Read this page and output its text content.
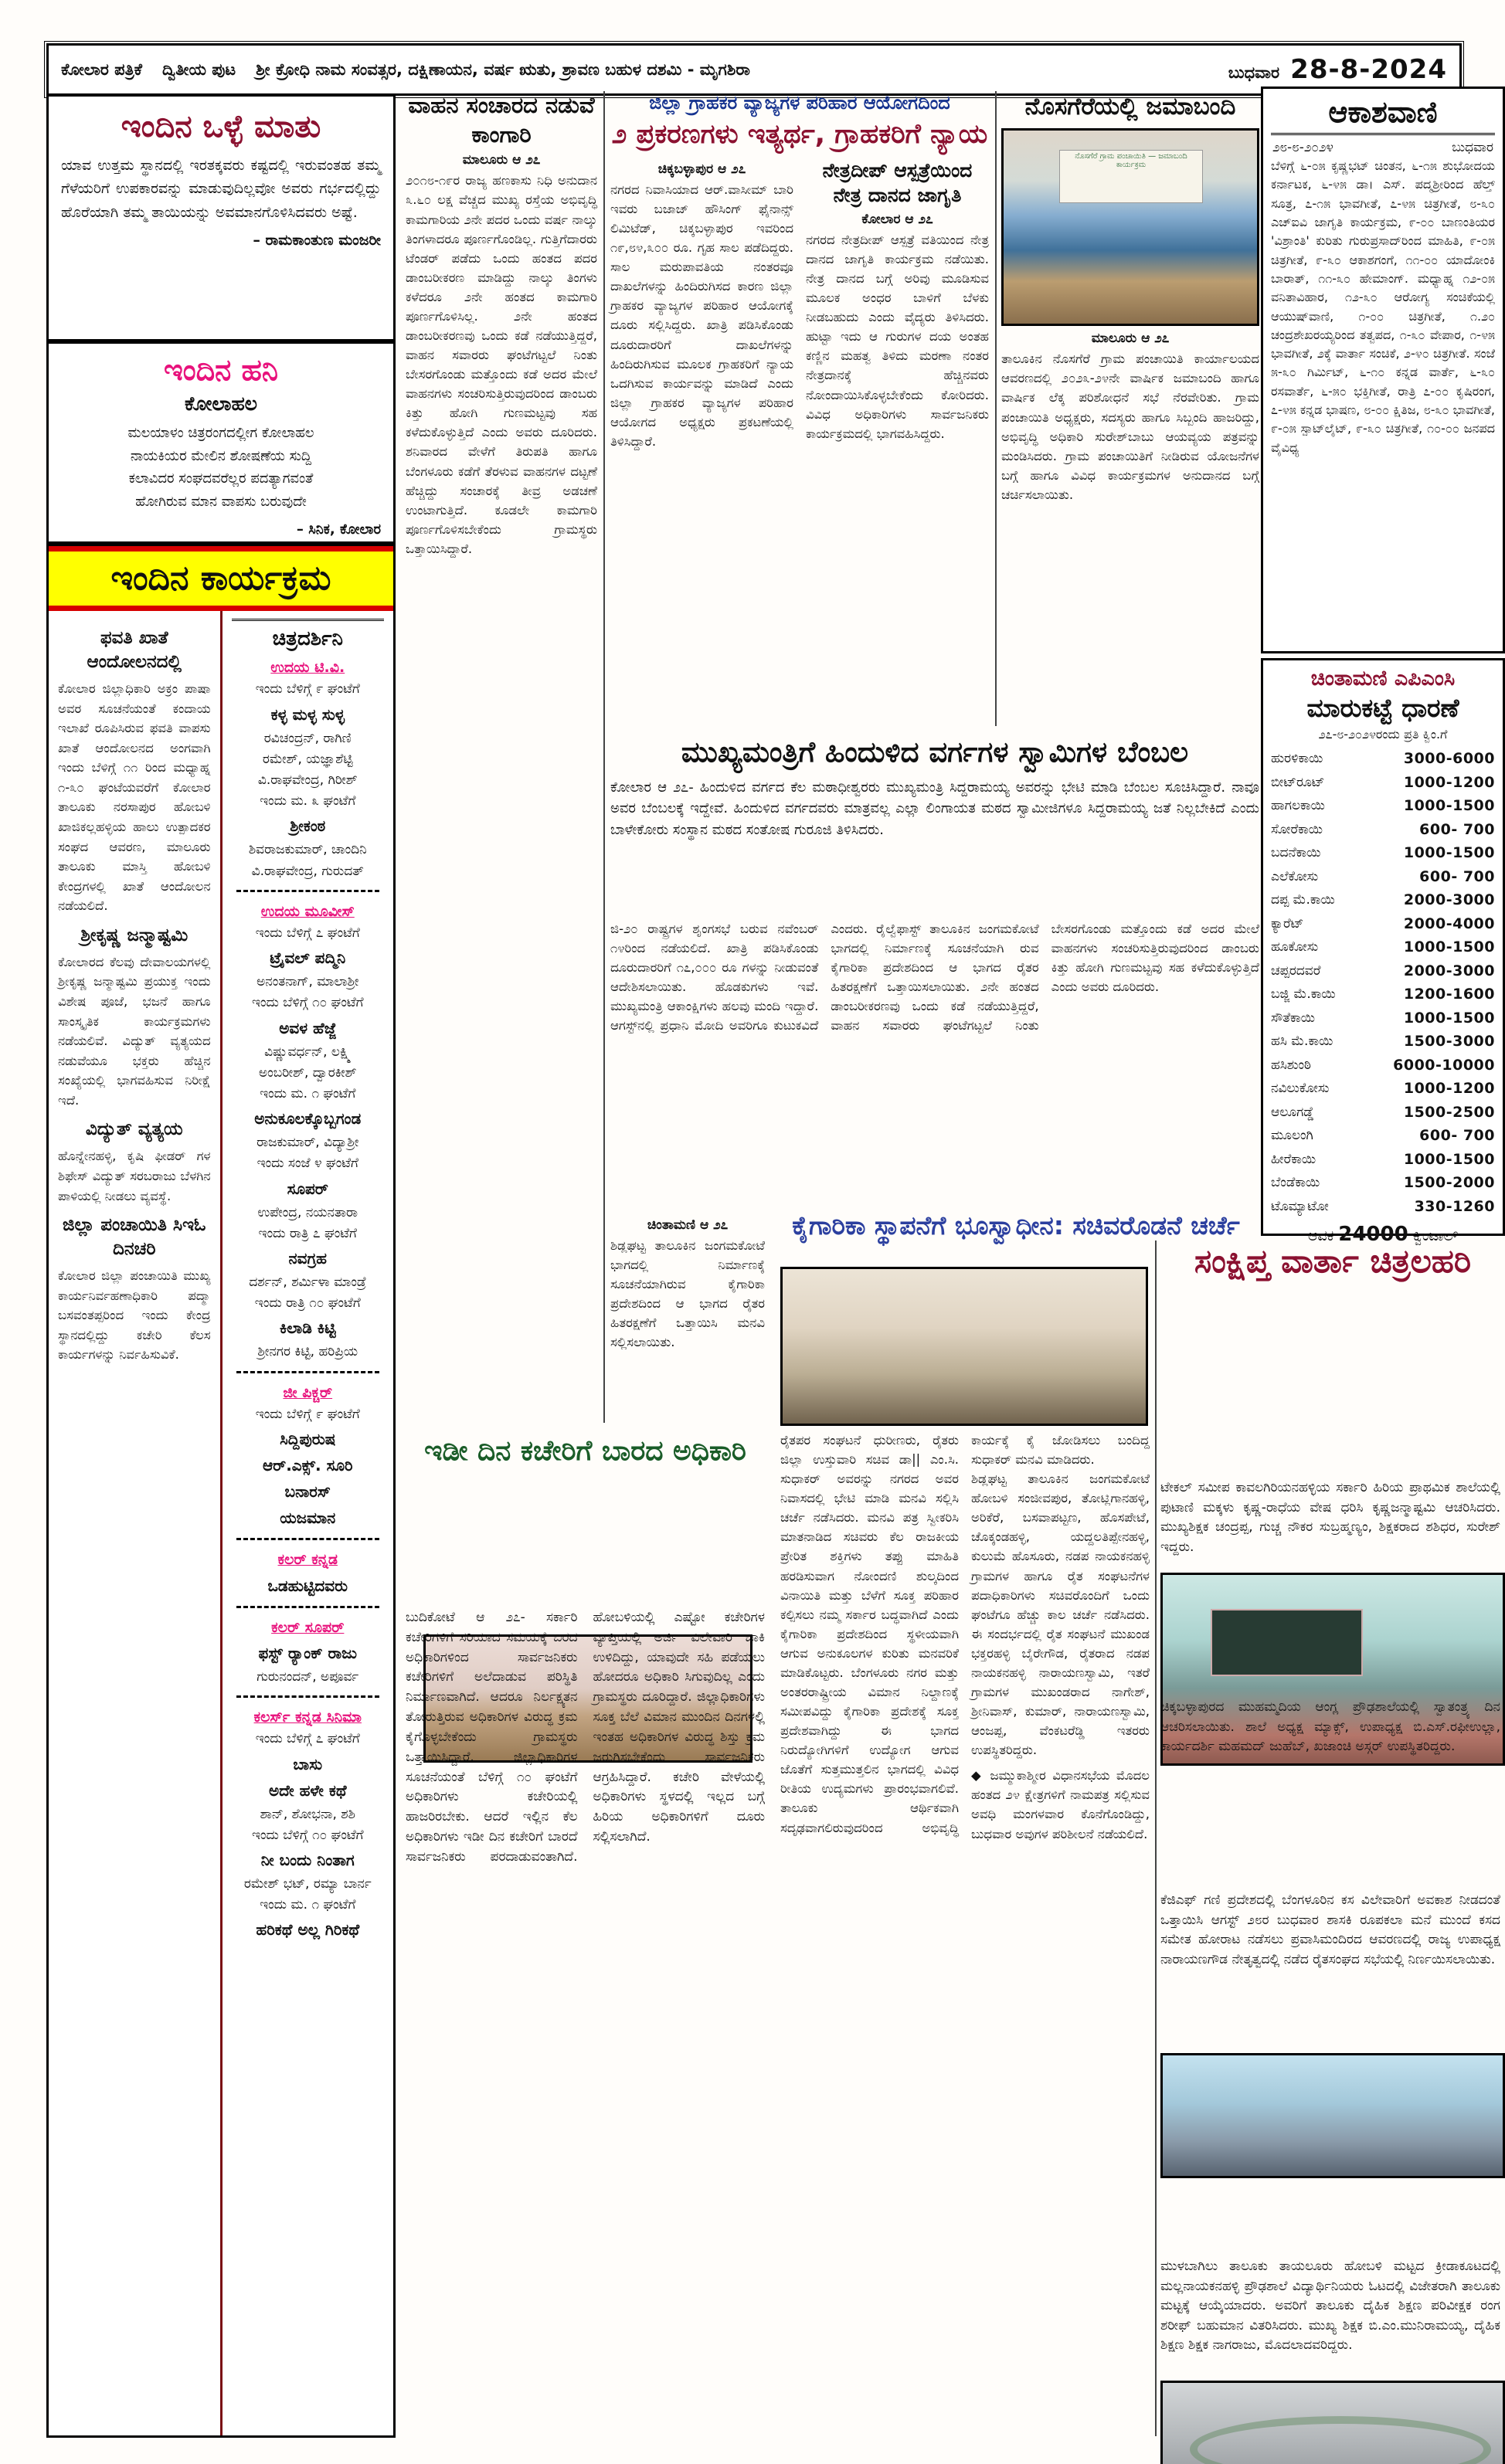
ಕೋಲಾರ ಪತ್ರಿಕೆ ದ್ವಿತೀಯ ಪುಟ ಶ್ರೀ ಕ್ರೋಧಿ ನಾಮ ಸಂವತ್ಸರ, ದಕ್ಷಿಣಾಯನ, ವರ್ಷ ಋತು, ಶ್ರಾವಣ ಬಹುಳ ದಶಮಿ - ಮೃಗಶಿರಾ	ಬುಧವಾರ 28-8-2024
ಇಂದಿನ ಒಳ್ಳೆ ಮಾತು
ಯಾವ ಉತ್ತಮ ಸ್ಥಾನದಲ್ಲಿ ಇರತಕ್ಕವರು ಕಷ್ಟದಲ್ಲಿ ಇರುವಂತಹ ತಮ್ಮ ಗೆಳೆಯರಿಗೆ ಉಪಕಾರವನ್ನು ಮಾಡುವುದಿಲ್ಲವೋ ಅವರು ಗರ್ಭದಲ್ಲಿದ್ದು ಹೊರೆಯಾಗಿ ತಮ್ಮ ತಾಯಿಯನ್ನು ಅವಮಾನಗೊಳಿಸಿದವರು ಅಷ್ಟೆ.
– ರಾಮಕಾಂತುಣ ಮಂಜರೀ
ಇಂದಿನ ಹನಿ
ಕೋಲಾಹಲ
ಮಲಯಾಳಂ ಚಿತ್ರರಂಗದಲ್ಲೀಗ ಕೋಲಾಹಲ
ನಾಯಕಿಯರ ಮೇಲಿನ ಶೋಷಣೆಯ ಸುದ್ದಿ
ಕಲಾವಿದರ ಸಂಘದವರೆಲ್ಲರ ಪದತ್ಯಾಗವಂತೆ
ಹೋಗಿರುವ ಮಾನ ವಾಪಸು ಬರುವುದೇ
– ಸಿನಿಕ, ಕೋಲಾರ
ಇಂದಿನ ಕಾರ್ಯಕ್ರಮ
ಫವತಿ ಖಾತೆ ಆಂದೋಲನದಲ್ಲಿ
ಕೋಲಾರ ಜಿಲ್ಲಾಧಿಕಾರಿ ಅಕ್ರಂ ಪಾಷಾ ಅವರ ಸೂಚನೆಯಂತೆ ಕಂದಾಯ ಇಲಾಖೆ ರೂಪಿಸಿರುವ ಫವತಿ ವಾಪಸು ಖಾತೆ ಆಂದೋಲನದ ಅಂಗವಾಗಿ ಇಂದು ಬೆಳಿಗ್ಗೆ ೧೧ ರಿಂದ ಮಧ್ಯಾಹ್ನ ೧-೩೦ ಘಂಟೆಯವರೆಗೆ ಕೋಲಾರ ತಾಲೂಕು ನರಸಾಪುರ ಹೋಬಳಿ ಖಾಜಿಕಲ್ಲಹಳ್ಳಿಯ ಹಾಲು ಉತ್ಪಾದಕರ ಸಂಘದ ಆವರಣ, ಮಾಲೂರು ತಾಲೂಕು ಮಾಸ್ತಿ ಹೋಬಳಿ ಕೇಂದ್ರಗಳಲ್ಲಿ ಖಾತೆ ಆಂದೋಲನ ನಡೆಯಲಿದೆ.
ಶ್ರೀಕೃಷ್ಣ ಜನ್ಮಾಷ್ಟಮಿ
ಕೋಲಾರದ ಕೆಲವು ದೇವಾಲಯಗಳಲ್ಲಿ ಶ್ರೀಕೃಷ್ಣ ಜನ್ಮಾಷ್ಟಮಿ ಪ್ರಯುಕ್ತ ಇಂದು ವಿಶೇಷ ಪೂಜೆ, ಭಜನೆ ಹಾಗೂ ಸಾಂಸ್ಕೃತಿಕ ಕಾರ್ಯಕ್ರಮಗಳು ನಡೆಯಲಿವೆ. ವಿದ್ಯುತ್ ವ್ಯತ್ಯಯದ ನಡುವೆಯೂ ಭಕ್ತರು ಹೆಚ್ಚಿನ ಸಂಖ್ಯೆಯಲ್ಲಿ ಭಾಗವಹಿಸುವ ನಿರೀಕ್ಷೆ ಇದೆ.
ವಿದ್ಯುತ್ ವ್ಯತ್ಯಯ
ಹೊನ್ನೇನಹಳ್ಳಿ, ಕೃಷಿ ಫೀಡರ್ ಗಳ ಶಿಫೇಸ್ ವಿದ್ಯುತ್ ಸರಬರಾಜು ಬೆಳಗಿನ ಪಾಳಿಯಲ್ಲಿ ನೀಡಲು ವ್ಯವಸ್ಥೆ.
ಜಿಲ್ಲಾ ಪಂಚಾಯಿತಿ ಸಿಇಓ ದಿನಚರಿ
ಕೋಲಾರ ಜಿಲ್ಲಾ ಪಂಚಾಯಿತಿ ಮುಖ್ಯ ಕಾರ್ಯನಿರ್ವಹಣಾಧಿಕಾರಿ ಪದ್ಮಾ ಬಸವಂತಪ್ಪರಿಂದ ಇಂದು ಕೇಂದ್ರ ಸ್ಥಾನದಲ್ಲಿದ್ದು ಕಚೇರಿ ಕೆಲಸ ಕಾರ್ಯಗಳನ್ನು ನಿರ್ವಹಿಸುವಿಕೆ.
ಚಿತ್ರದರ್ಶಿನಿ
ಉದಯ ಟಿ.ವಿ.
ಇಂದು ಬೆಳಿಗ್ಗೆ ೯ ಘಂಟೆಗೆ
ಕಳ್ಳ ಮಳ್ಳ ಸುಳ್ಳ
ರವಿಚಂದ್ರನ್, ರಾಗಿಣಿ
ರಮೇಶ್, ಯಜ್ಞಾಶೆಟ್ಟಿ
ವಿ.ರಾಘವೇಂದ್ರ, ಗಿರೀಶ್
ಇಂದು ಮ. ೩ ಘಂಟೆಗೆ
ಶ್ರೀಕಂಠ
ಶಿವರಾಜಕುಮಾರ್, ಚಾಂದಿನಿ
ವಿ.ರಾಘವೇಂದ್ರ, ಗುರುದತ್
ಉದಯ ಮೂವೀಸ್
ಇಂದು ಬೆಳಿಗ್ಗೆ ೭ ಘಂಟೆಗೆ
ಟ್ರೈವಲ್ ಪದ್ಮಿನಿ
ಅನಂತನಾಗ್, ಮಾಲಾಶ್ರೀ
ಇಂದು ಬೆಳಿಗ್ಗೆ ೧೦ ಘಂಟೆಗೆ
ಅವಳ ಹೆಜ್ಜೆ
ವಿಷ್ಣುವರ್ಧನ್, ಲಕ್ಷ್ಮಿ
ಅಂಬರೀಶ್, ದ್ವಾರಕೀಶ್
ಇಂದು ಮ. ೧ ಘಂಟೆಗೆ
ಅನುಕೂಲಕ್ಕೊಬ್ಬಗಂಡ
ರಾಜಕುಮಾರ್, ವಿದ್ಯಾಶ್ರೀ
ಇಂದು ಸಂಜೆ ೪ ಘಂಟೆಗೆ
ಸೂಪರ್
ಉಪೇಂದ್ರ, ನಯನತಾರಾ
ಇಂದು ರಾತ್ರಿ ೭ ಘಂಟೆಗೆ
ನವಗ್ರಹ
ದರ್ಶನ್, ಶರ್ಮಿಳಾ ಮಾಂಡ್ರೆ
ಇಂದು ರಾತ್ರಿ ೧೦ ಘಂಟೆಗೆ
ಕಿಲಾಡಿ ಕಿಟ್ಟಿ
ಶ್ರೀನಗರ ಕಿಟ್ಟಿ, ಹರಿಪ್ರಿಯ
ಜೀ ಪಿಕ್ಚರ್
ಇಂದು ಬೆಳಿಗ್ಗೆ ೯ ಘಂಟೆಗೆ
ಸಿದ್ದಿಪುರುಷ
ಆರ್.ಎಕ್ಸ್. ಸೂರಿ
ಬನಾರಸ್
ಯಜಮಾನ
ಕಲರ್ ಕನ್ನಡ
ಒಡಹುಟ್ಟಿದವರು
ಕಲರ್ ಸೂಪರ್
ಫಸ್ಟ್ ರ‍್ಯಾಂಕ್ ರಾಜು
ಗುರುನಂದನ್, ಅಪೂರ್ವ
ಕಲರ್ಸ್ ಕನ್ನಡ ಸಿನಿಮಾ
ಇಂದು ಬೆಳಿಗ್ಗೆ ೭ ಘಂಟೆಗೆ
ಬಾಸು
ಅದೇ ಹಳೇ ಕಥೆ
ಶಾನ್, ಶೋಭನಾ, ಶಶಿ
ಇಂದು ಬೆಳಿಗ್ಗೆ ೧೦ ಘಂಟೆಗೆ
ನೀ ಬಂದು ನಿಂತಾಗ
ರಮೇಶ್ ಭಟ್, ರಮ್ಯಾ ಬಾರ್ನ
ಇಂದು ಮ. ೧ ಘಂಟೆಗೆ
ಹರಿಕಥೆ ಅಲ್ಲ ಗಿರಿಕಥೆ
ವಾಹನ ಸಂಚಾರದ ನಡುವೆ ಕಾಂಗಾರಿ
ಮಾಲೂರು ಆ ೨೭
೨೦೧೮-೧೯ರ ರಾಜ್ಯ ಹಣಕಾಸು ನಿಧಿ ಅನುದಾನ ೩.೬೦ ಲಕ್ಷ ವೆಚ್ಚದ ಮುಖ್ಯ ರಸ್ತೆಯ ಅಭಿವೃದ್ಧಿ ಕಾಮಗಾರಿಯ ೨ನೇ ಪದರ ಒಂದು ವರ್ಷ ನಾಲ್ಕು ತಿಂಗಳಾದರೂ ಪೂರ್ಣಗೊಂಡಿಲ್ಲ. ಗುತ್ತಿಗೆದಾರರು ಟೆಂಡರ್ ಪಡೆದು ಒಂದು ಹಂತದ ಪದರ ಡಾಂಬರೀಕರಣ ಮಾಡಿದ್ದು ನಾಲ್ಕು ತಿಂಗಳು ಕಳೆದರೂ ೨ನೇ ಹಂತದ ಕಾಮಗಾರಿ ಪೂರ್ಣಗೊಳಿಸಿಲ್ಲ. ೨ನೇ ಹಂತದ ಡಾಂಬರೀಕರಣವು ಒಂದು ಕಡೆ ನಡೆಯುತ್ತಿದ್ದರೆ, ವಾಹನ ಸವಾರರು ಘಂಟೆಗಟ್ಟಲೆ ನಿಂತು ಬೇಸರಗೊಂಡು ಮತ್ತೊಂದು ಕಡೆ ಅದರ ಮೇಲೆ ವಾಹನಗಳು ಸಂಚರಿಸುತ್ತಿರುವುದರಿಂದ ಡಾಂಬರು ಕಿತ್ತು ಹೋಗಿ ಗುಣಮಟ್ಟವು ಸಹ ಕಳೆದುಕೊಳ್ಳುತ್ತಿದೆ ಎಂದು ಅವರು ದೂರಿದರು. ಶನಿವಾರದ ವೇಳೆಗೆ ತಿರುಪತಿ ಹಾಗೂ ಬೆಂಗಳೂರು ಕಡೆಗೆ ತೆರಳುವ ವಾಹನಗಳ ದಟ್ಟಣೆ ಹೆಚ್ಚಿದ್ದು ಸಂಚಾರಕ್ಕೆ ತೀವ್ರ ಅಡಚಣೆ ಉಂಟಾಗುತ್ತಿದೆ. ಕೂಡಲೇ ಕಾಮಗಾರಿ ಪೂರ್ಣಗೊಳಿಸಬೇಕೆಂದು ಗ್ರಾಮಸ್ಥರು ಒತ್ತಾಯಿಸಿದ್ದಾರೆ.
ಜಿಲ್ಲಾ ಗ್ರಾಹಕರ ವ್ಯಾಜ್ಯಗಳ ಪರಿಹಾರ ಆಯೋಗದಿಂದ
೨ ಪ್ರಕರಣಗಳು ಇತ್ಯರ್ಥ, ಗ್ರಾಹಕರಿಗೆ ನ್ಯಾಯ
ಚಿಕ್ಕಬಳ್ಳಾಪುರ ಆ ೨೭
ನಗರದ ನಿವಾಸಿಯಾದ ಆರ್.ವಾಸೀಮ್ ಬಾರಿ ಇವರು ಬಜಾಜ್ ಹೌಸಿಂಗ್ ಫೈನಾನ್ಸ್ ಲಿಮಿಟೆಡ್, ಚಿಕ್ಕಬಳ್ಳಾಪುರ ಇವರಿಂದ ೧೯,೮೪,೩೦೦ ರೂ. ಗೃಹ ಸಾಲ ಪಡೆದಿದ್ದರು. ಸಾಲ ಮರುಪಾವತಿಯ ನಂತರವೂ ದಾಖಲೆಗಳನ್ನು ಹಿಂದಿರುಗಿಸದ ಕಾರಣ ಜಿಲ್ಲಾ ಗ್ರಾಹಕರ ವ್ಯಾಜ್ಯಗಳ ಪರಿಹಾರ ಆಯೋಗಕ್ಕೆ ದೂರು ಸಲ್ಲಿಸಿದ್ದರು. ಖಾತ್ರಿ ಪಡಿಸಿಕೊಂಡು ದೂರುದಾರರಿಗೆ ದಾಖಲೆಗಳನ್ನು ಹಿಂದಿರುಗಿಸುವ ಮೂಲಕ ಗ್ರಾಹಕರಿಗೆ ನ್ಯಾಯ ಒದಗಿಸುವ ಕಾರ್ಯವನ್ನು ಮಾಡಿದೆ ಎಂದು ಜಿಲ್ಲಾ ಗ್ರಾಹಕರ ವ್ಯಾಜ್ಯಗಳ ಪರಿಹಾರ ಆಯೋಗದ ಅಧ್ಯಕ್ಷರು ಪ್ರಕಟಣೆಯಲ್ಲಿ ತಿಳಿಸಿದ್ದಾರೆ.
ನೇತ್ರದೀಪ್ ಆಸ್ಪತ್ರೆಯಿಂದ ನೇತ್ರ ದಾನದ ಜಾಗೃತಿ
ಕೋಲಾರ ಆ ೨೭
ನಗರದ ನೇತ್ರದೀಪ್ ಆಸ್ಪತ್ರೆ ವತಿಯಿಂದ ನೇತ್ರ ದಾನದ ಜಾಗೃತಿ ಕಾರ್ಯಕ್ರಮ ನಡೆಯಿತು. ನೇತ್ರ ದಾನದ ಬಗ್ಗೆ ಅರಿವು ಮೂಡಿಸುವ ಮೂಲಕ ಅಂಧರ ಬಾಳಿಗೆ ಬೆಳಕು ನೀಡಬಹುದು ಎಂದು ವೈದ್ಯರು ತಿಳಿಸಿದರು. ಹುಟ್ಟಾ ಇದು ಆ ಗುರುಗಳ ದಯ ಅಂತಹ ಕಣ್ಣಿನ ಮಹತ್ವ ತಿಳಿದು ಮರಣಾ ನಂತರ ನೇತ್ರದಾನಕ್ಕೆ ಹೆಚ್ಚಿನವರು ನೋಂದಾಯಿಸಿಕೊಳ್ಳಬೇಕೆಂದು ಕೋರಿದರು. ವಿವಿಧ ಅಧಿಕಾರಿಗಳು ಸಾರ್ವಜನಿಕರು ಕಾರ್ಯಕ್ರಮದಲ್ಲಿ ಭಾಗವಹಿಸಿದ್ದರು.
ನೊಸಗೆರೆಯಲ್ಲಿ ಜಮಾಬಂದಿ
ನೊಸಗೆರೆ ಗ್ರಾಮ ಪಂಚಾಯಿತಿ — ಜಮಾಬಂದಿ ಕಾರ್ಯಕ್ರಮ
ಮಾಲೂರು ಆ ೨೭
ತಾಲೂಕಿನ ನೊಸಗೆರೆ ಗ್ರಾಮ ಪಂಚಾಯಿತಿ ಕಾರ್ಯಾಲಯದ ಆವರಣದಲ್ಲಿ ೨೦೨೩-೨೪ನೇ ವಾರ್ಷಿಕ ಜಮಾಬಂದಿ ಹಾಗೂ ವಾರ್ಷಿಕ ಲೆಕ್ಕ ಪರಿಶೋಧನೆ ಸಭೆ ನೆರವೇರಿತು. ಗ್ರಾಮ ಪಂಚಾಯಿತಿ ಅಧ್ಯಕ್ಷರು, ಸದಸ್ಯರು ಹಾಗೂ ಸಿಬ್ಬಂದಿ ಹಾಜರಿದ್ದು, ಅಭಿವೃದ್ಧಿ ಅಧಿಕಾರಿ ಸುರೇಶ್‌ಬಾಬು ಆಯವ್ಯಯ ಪತ್ರವನ್ನು ಮಂಡಿಸಿದರು. ಗ್ರಾಮ ಪಂಚಾಯಿತಿಗೆ ನೀಡಿರುವ ಯೋಜನೆಗಳ ಬಗ್ಗೆ ಹಾಗೂ ವಿವಿಧ ಕಾರ್ಯಕ್ರಮಗಳ ಅನುದಾನದ ಬಗ್ಗೆ ಚರ್ಚಿಸಲಾಯಿತು.
ಮುಖ್ಯಮಂತ್ರಿಗೆ ಹಿಂದುಳಿದ ವರ್ಗಗಳ ಸ್ವಾಮಿಗಳ ಬೆಂಬಲ
ಕೋಲಾರ ಆ ೨೭- ಹಿಂದುಳಿದ ವರ್ಗದ ಕೆಲ ಮಠಾಧೀಶ್ವರರು ಮುಖ್ಯಮಂತ್ರಿ ಸಿದ್ದರಾಮಯ್ಯ ಅವರನ್ನು ಭೇಟಿ ಮಾಡಿ ಬೆಂಬಲ ಸೂಚಿಸಿದ್ದಾರೆ. ನಾವೂ ಅವರ ಬೆಂಬಲಕ್ಕೆ ಇದ್ದೇವೆ. ಹಿಂದುಳಿದ ವರ್ಗದವರು ಮಾತ್ರವಲ್ಲ ಎಲ್ಲಾ ಲಿಂಗಾಯತ ಮಠದ ಸ್ವಾಮೀಜಿಗಳೂ ಸಿದ್ದರಾಮಯ್ಯ ಜತೆ ನಿಲ್ಲಬೇಕಿದೆ ಎಂದು ಬಾಳೇಕೋರು ಸಂಸ್ಥಾನ ಮಠದ ಸಂತೋಷ ಗುರೂಜಿ ತಿಳಿಸಿದರು.
ಜಿ-೨೦ ರಾಷ್ಟ್ರಗಳ ಶೃಂಗಸಭೆ ಬರುವ ನವೆಂಬರ್ ೧೪ರಿಂದ ನಡೆಯಲಿದೆ. ಖಾತ್ರಿ ಪಡಿಸಿಕೊಂಡು ದೂರುದಾರರಿಗೆ ೧೭,೦೦೦ ರೂ ಗಳನ್ನು ನೀಡುವಂತೆ ಆದೇಶಿಸಲಾಯಿತು. ಹೊಡಕುಗಳು ಇವೆ. ಮುಖ್ಯಮಂತ್ರಿ ಆಕಾಂಕ್ಷಿಗಳು ಹಲವು ಮಂದಿ ಇದ್ದಾರೆ. ಆಗಸ್ಟ್‌ನಲ್ಲಿ ಪ್ರಧಾನಿ ಮೋದಿ ಅವರಿಗೂ ಕುಟುಕವಿದೆ ಎಂದರು. ರೈಲ್ವೆಫಾಸ್ಟ್ ತಾಲೂಕಿನ ಜಂಗಮಕೋಟೆ ಭಾಗದಲ್ಲಿ ನಿರ್ಮಾಣಕ್ಕೆ ಸೂಚನೆಯಾಗಿ ರುವ ಕೈಗಾರಿಕಾ ಪ್ರದೇಶದಿಂದ ಆ ಭಾಗದ ರೈತರ ಹಿತರಕ್ಷಣೆಗೆ ಒತ್ತಾಯಿಸಲಾಯಿತು. ೨ನೇ ಹಂತದ ಡಾಂಬರೀಕರಣವು ಒಂದು ಕಡೆ ನಡೆಯುತ್ತಿದ್ದರೆ, ವಾಹನ ಸವಾರರು ಘಂಟೆಗಟ್ಟಲೆ ನಿಂತು ಬೇಸರಗೊಂಡು ಮತ್ತೊಂದು ಕಡೆ ಅದರ ಮೇಲೆ ವಾಹನಗಳು ಸಂಚರಿಸುತ್ತಿರುವುದರಿಂದ ಡಾಂಬರು ಕಿತ್ತು ಹೋಗಿ ಗುಣಮಟ್ಟವು ಸಹ ಕಳೆದುಕೊಳ್ಳುತ್ತಿದೆ ಎಂದು ಅವರು ದೂರಿದರು.
ಕೈಗಾರಿಕಾ ಸ್ಥಾಪನೆಗೆ ಭೂಸ್ವಾಧೀನ: ಸಚಿವರೊಡನೆ ಚರ್ಚೆ
ಚಿಂತಾಮಣಿ ಆ ೨೭
ಶಿಡ್ಲಘಟ್ಟ ತಾಲೂಕಿನ ಜಂಗಮಕೋಟೆ ಭಾಗದಲ್ಲಿ ನಿರ್ಮಾಣಕ್ಕೆ ಸೂಚನೆಯಾಗಿರುವ ಕೈಗಾರಿಕಾ ಪ್ರದೇಶದಿಂದ ಆ ಭಾಗದ ರೈತರ ಹಿತರಕ್ಷಣೆಗೆ ಒತ್ತಾಯಿಸಿ ಮನವಿ ಸಲ್ಲಿಸಲಾಯಿತು.
ರೈತಪರ ಸಂಘಟನೆ ಧುರೀಣರು, ರೈತರು ಜಿಲ್ಲಾ ಉಸ್ತುವಾರಿ ಸಚಿವ ಡಾ|| ಎಂ.ಸಿ. ಸುಧಾಕರ್ ಅವರನ್ನು ನಗರದ ಅವರ ನಿವಾಸದಲ್ಲಿ ಭೇಟಿ ಮಾಡಿ ಮನವಿ ಸಲ್ಲಿಸಿ ಚರ್ಚೆ ನಡೆಸಿದರು. ಮನವಿ ಪತ್ರ ಸ್ವೀಕರಿಸಿ ಮಾತನಾಡಿದ ಸಚಿವರು ಕೆಲ ರಾಜಕೀಯ ಪ್ರೇರಿತ ಶಕ್ತಿಗಳು ತಪ್ಪು ಮಾಹಿತಿ ಹರಡಿಸುವಾಗ ನೋಂದಣಿ ಶುಲ್ಕದಿಂದ ವಿನಾಯಿತಿ ಮತ್ತು ಬೆಳೆಗೆ ಸೂಕ್ತ ಪರಿಹಾರ ಕಲ್ಪಿಸಲು ನಮ್ಮ ಸರ್ಕಾರ ಬದ್ಧವಾಗಿದೆ ಎಂದು ಕೈಗಾರಿಕಾ ಪ್ರದೇಶದಿಂದ ಸ್ಥಳೀಯವಾಗಿ ಆಗುವ ಅನುಕೂಲಗಳ ಕುರಿತು ಮನವರಿಕೆ ಮಾಡಿಕೊಟ್ಟರು. ಬೆಂಗಳೂರು ನಗರ ಮತ್ತು ಅಂತರರಾಷ್ಟ್ರೀಯ ವಿಮಾನ ನಿಲ್ದಾಣಕ್ಕೆ ಸಮೀಪವಿದ್ದು ಕೈಗಾರಿಕಾ ಪ್ರದೇಶಕ್ಕೆ ಸೂಕ್ತ ಪ್ರದೇಶವಾಗಿದ್ದು ಈ ಭಾಗದ ನಿರುದ್ಯೋಗಿಗಳಿಗೆ ಉದ್ಯೋಗ ಆಗುವ ಜೊತೆಗೆ ಸುತ್ತಮುತ್ತಲಿನ ಭಾಗದಲ್ಲಿ ವಿವಿಧ ರೀತಿಯ ಉದ್ಯಮಗಳು ಪ್ರಾರಂಭವಾಗಲಿವೆ. ತಾಲೂಕು ಆರ್ಥಿಕವಾಗಿ ಸದೃಢವಾಗಲಿರುವುದರಿಂದ ಅಭಿವೃದ್ಧಿ ಕಾರ್ಯಕ್ಕೆ ಕೈ ಜೋಡಿಸಲು ಬಂದಿದ್ದ ಸುಧಾಕರ್ ಮನವಿ ಮಾಡಿದರು.
ಶಿಡ್ಲಘಟ್ಟ ತಾಲೂಕಿನ ಜಂಗಮಕೋಟೆ ಹೋಬಳಿ ಸಂಜೀವಪುರ, ತೋಟ್ಲಿಗಾನಹಳ್ಳಿ, ಅರಿಕೆರೆ, ಬಸವಾಪಟ್ಟಣ, ಹೊಸಪೇಟೆ, ಚೊಕ್ಕಂಡಹಳ್ಳಿ, ಯದ್ದಲತಿಪ್ಪೇನಹಳ್ಳಿ, ಕುಲುಮೆ ಹೊಸೂರು, ನಡಪ ನಾಯಕನಹಳ್ಳಿ ಗ್ರಾಮಗಳ ಹಾಗೂ ರೈತ ಸಂಘಟನೆಗಳ ಪದಾಧಿಕಾರಿಗಳು ಸಚಿವರೊಂದಿಗೆ ಒಂದು ಘಂಟೆಗೂ ಹೆಚ್ಚು ಕಾಲ ಚರ್ಚೆ ನಡೆಸಿದರು. ಈ ಸಂದರ್ಭದಲ್ಲಿ ರೈತ ಸಂಘಟನೆ ಮುಖಂಡ ಭಕ್ತರಹಳ್ಳಿ ಬೈರೇಗೌಡ, ರೈತರಾದ ನಡಪ ನಾಯಕನಹಳ್ಳಿ ನಾರಾಯಣಸ್ವಾಮಿ, ಇತರೆ ಗ್ರಾಮಗಳ ಮುಖಂಡರಾದ ನಾಗೇಶ್, ಶ್ರೀನಿವಾಸ್, ಕುಮಾರ್, ನಾರಾಯಣಸ್ವಾಮಿ, ಆಂಜಪ್ಪ, ವೆಂಕಟರೆಡ್ಡಿ ಇತರರು ಉಪಸ್ಥಿತರಿದ್ದರು.
◆ ಜಮ್ಮುಕಾಶ್ಮೀರ ವಿಧಾನಸಭೆಯ ಮೊದಲ ಹಂತದ ೨೪ ಕ್ಷೇತ್ರಗಳಿಗೆ ನಾಮಪತ್ರ ಸಲ್ಲಿಸುವ ಅವಧಿ ಮಂಗಳವಾರ ಕೊನೆಗೊಂಡಿದ್ದು, ಬುಧವಾರ ಅವುಗಳ ಪರಿಶೀಲನೆ ನಡೆಯಲಿದೆ.
ಇಡೀ ದಿನ ಕಚೇರಿಗೆ ಬಾರದ ಅಧಿಕಾರಿ
ಬುದಿಕೋಟೆ ಆ ೨೭- ಸರ್ಕಾರಿ ಕಚೇರಿಗಳಿಗೆ ಸರಿಯಾದ ಸಮಯಕ್ಕೆ ಬರದ ಅಧಿಕಾರಿಗಳಿಂದ ಸಾರ್ವಜನಿಕರು ಕಚೇರಿಗಳಿಗೆ ಅಲೆದಾಡುವ ಪರಿಸ್ಥಿತಿ ನಿರ್ಮಾಣವಾಗಿದೆ. ಆದರೂ ನಿರ್ಲಕ್ಷ್ಯತನ ತೋರುತ್ತಿರುವ ಅಧಿಕಾರಿಗಳ ವಿರುದ್ಧ ಕ್ರಮ ಕೈಗೊಳ್ಳಬೇಕೆಂದು ಗ್ರಾಮಸ್ಥರು ಒತ್ತಾಯಿಸಿದ್ದಾರೆ. ಜಿಲ್ಲಾಧಿಕಾರಿಗಳ ಸೂಚನೆಯಂತೆ ಬೆಳಿಗ್ಗೆ ೧೦ ಘಂಟೆಗೆ ಅಧಿಕಾರಿಗಳು ಕಚೇರಿಯಲ್ಲಿ ಹಾಜರಿರಬೇಕು. ಆದರೆ ಇಲ್ಲಿನ ಕೆಲ ಅಧಿಕಾರಿಗಳು ಇಡೀ ದಿನ ಕಚೇರಿಗೆ ಬಾರದೆ ಸಾರ್ವಜನಿಕರು ಪರದಾಡುವಂತಾಗಿದೆ. ಹೋಬಳಿಯಲ್ಲಿ ಎಷ್ಟೋ ಕಚೇರಿಗಳ ವ್ಯಾಪ್ತಿಯಲ್ಲಿ ಅರ್ಜಿ ವಿಲೇವಾರಿ ಬಾಕಿ ಉಳಿದಿದ್ದು, ಯಾವುದೇ ಸಹಿ ಪಡೆಯಲು ಹೋದರೂ ಅಧಿಕಾರಿ ಸಿಗುವುದಿಲ್ಲ ಎಂದು ಗ್ರಾಮಸ್ಥರು ದೂರಿದ್ದಾರೆ. ಜಿಲ್ಲಾಧಿಕಾರಿಗಳು ಸೂಕ್ತ ಬೆಲೆ ವಿಮಾನ ಮುಂದಿನ ದಿನಗಳಲ್ಲಿ ಇಂತಹ ಅಧಿಕಾರಿಗಳ ವಿರುದ್ಧ ಶಿಸ್ತು ಕ್ರಮ ಜರುಗಿಸಬೇಕೆಂದು ಸಾರ್ವಜನಿಕರು ಆಗ್ರಹಿಸಿದ್ದಾರೆ. ಕಚೇರಿ ವೇಳೆಯಲ್ಲಿ ಅಧಿಕಾರಿಗಳು ಸ್ಥಳದಲ್ಲಿ ಇಲ್ಲದ ಬಗ್ಗೆ ಹಿರಿಯ ಅಧಿಕಾರಿಗಳಿಗೆ ದೂರು ಸಲ್ಲಿಸಲಾಗಿದೆ.
ಆಕಾಶವಾಣಿ
೨೮-೮-೨೦೨೪	ಬುಧವಾರ
ಬೆಳಿಗ್ಗೆ ೬-೦೫ ಕೃಷ್ಣಭಟ್ ಚಿಂತನ, ೬-೧೫ ಶುಭೋದಯ ಕರ್ನಾಟಕ, ೬-೪೫ ಡಾ। ಎಸ್. ಪದ್ಮಶ್ರೀರಿಂದ ಹೆಲ್ತ್ ಸೂತ್ರ, ೭-೧೫ ಭಾವಗೀತೆ, ೭-೪೫ ಚಿತ್ರಗೀತೆ, ೮-೩೦ ಎಚ್‌ಐವಿ ಜಾಗೃತಿ ಕಾರ್ಯಕ್ರಮ, ೯-೦೦ ಬಾಣಂತಿಯರ 'ವಿಶ್ರಾಂತಿ' ಕುರಿತು ಗುರುಪ್ರಸಾದ್‌ರಿಂದ ಮಾಹಿತಿ, ೯-೦೫ ಚಿತ್ರಗೀತೆ, ೯-೩೦ ಆಕಾಶಗಂಗೆ, ೧೧-೦೦ ಯಾದೋಂಕಿ ಬಾರಾತ್, ೧೧-೩೦ ಹೇಮಾಂಗ್. ಮಧ್ಯಾಹ್ನ ೧೨-೦೫ ವನಿತಾವಿಹಾರ, ೧೨-೩೦ ಆರೋಗ್ಯ ಸಂಚಿಕೆಯಲ್ಲಿ ಆಯುಷ್‌ವಾಣಿ, ೧-೦೦ ಚಿತ್ರಗೀತೆ, ೧.೨೦ ಚಂದ್ರಶೇಖರಯ್ಯರಿಂದ ತತ್ವಪದ, ೧-೩೦ ವೇಪಾರ, ೧-೪೫ ಭಾವಗೀತೆ, ೨ಕ್ಕೆ ವಾರ್ತಾ ಸಂಚಿಕೆ, ೨-೪೦ ಚಿತ್ರಗೀತೆ. ಸಂಜೆ ೫-೩೦ ಗಿರ್ಮಿಟ್, ೬-೧೦ ಕನ್ನಡ ವಾರ್ತೆ, ೬-೩೦ ರಸವಾರ್ತೆ, ೬-೫೦ ಭಕ್ತಿಗೀತೆ, ರಾತ್ರಿ ೭-೦೦ ಕೃಷಿರಂಗ, ೭-೪೫ ಕನ್ನಡ ಭಾಷಣ, ೮-೦೦ ಕ್ಷಿತಿಜ, ೮-೩೦ ಭಾವಗೀತೆ, ೯-೦೫ ಸ್ಪಾಟ್‌ಲೈಟ್, ೯-೩೦ ಚಿತ್ರಗೀತೆ, ೧೦-೦೦ ಜನಪದ ವೈವಿಧ್ಯ
ಚಿಂತಾಮಣಿ ಎಪಿಎಂಸಿ
ಮಾರುಕಟ್ಟೆ ಧಾರಣೆ
೨೭-೮-೨೦೨೪ರಂದು ಪ್ರತಿ ಕ್ವಿಂ.ಗೆ
ಹುರಳಿಕಾಯಿ	3000-6000
ಬೀಟ್‌ರೂಟ್	1000-1200
ಹಾಗಲಕಾಯಿ	1000-1500
ಸೋರೆಕಾಯಿ	600- 700
ಬದನೆಕಾಯಿ	1000-1500
ಎಲೆಕೋಸು	600- 700
ದಪ್ಪ ಮೆ.ಕಾಯಿ	2000-3000
ಕ್ಯಾರೆಟ್	2000-4000
ಹೂಕೋಸು	1000-1500
ಚಪ್ಪರದವರೆ	2000-3000
ಬಜ್ಜಿ ಮೆ.ಕಾಯಿ	1200-1600
ಸೌತೆಕಾಯಿ	1000-1500
ಹಸಿ ಮೆ.ಕಾಯಿ	1500-3000
ಹಸಿಶುಂಠಿ	6000-10000
ನವಿಲುಕೋಸು	1000-1200
ಆಲೂಗಡ್ಡೆ	1500-2500
ಮೂಲಂಗಿ	600- 700
ಹೀರೆಕಾಯಿ	1000-1500
ಬೆಂಡೆಕಾಯಿ	1500-2000
ಟೊಮ್ಯಾಟೋ	330-1260
ಆವಕ 24000 ಕ್ವಿಂಟಾಲ್
ಸಂಕ್ಷಿಪ್ತ ವಾರ್ತಾ ಚಿತ್ರಲಹರಿ
ಟೇಕಲ್ ಸಮೀಪ ಕಾವಲಗಿರಿಯನಹಳ್ಳಿಯ ಸರ್ಕಾರಿ ಹಿರಿಯ ಪ್ರಾಥಮಿಕ ಶಾಲೆಯಲ್ಲಿ ಪುಟಾಣಿ ಮಕ್ಕಳು ಕೃಷ್ಣ-ರಾಧೆಯ ವೇಷ ಧರಿಸಿ ಕೃಷ್ಣಜನ್ಮಾಷ್ಟಮಿ ಆಚರಿಸಿದರು. ಮುಖ್ಯಶಿಕ್ಷಕ ಚಂದ್ರಪ್ಪ, ಗುಚ್ಚ ನೌಕರ ಸುಬ್ರಹ್ಮಣ್ಯಂ, ಶಿಕ್ಷಕರಾದ ಶಶಿಧರ, ಸುರೇಶ್ ಇದ್ದರು.
ಚಿಕ್ಕಬಳ್ಳಾಪುರದ ಮುಹಮ್ಮದಿಯ ಆಂಗ್ಲ ಪ್ರೌಢಶಾಲೆಯಲ್ಲಿ ಸ್ವಾತಂತ್ರ್ಯ ದಿನ ಆಚರಿಸಲಾಯಿತು. ಶಾಲೆ ಅಧ್ಯಕ್ಷ ಮ್ಯಾಕ್ಸ್, ಉಪಾಧ್ಯಕ್ಷ ಬಿ.ಎಸ್.ರಫೀಉಲ್ಲಾ, ಕಾರ್ಯದರ್ಶಿ ಮಹಮದ್ ಜುಹೆಬ್, ಖಜಾಂಚಿ ಅಸ್ಗರ್ ಉಪಸ್ಥಿತರಿದ್ದರು.
ಕೆಜಿಎಫ್ ಗಣಿ ಪ್ರದೇಶದಲ್ಲಿ ಬೆಂಗಳೂರಿನ ಕಸ ವಿಲೇವಾರಿಗೆ ಅವಕಾಶ ನೀಡದಂತೆ ಒತ್ತಾಯಿಸಿ ಆಗಸ್ಟ್ ೨೮ರ ಬುಧವಾರ ಶಾಸಕಿ ರೂಪಕಲಾ ಮನೆ ಮುಂದೆ ಕಸದ ಸಮೇತ ಹೋರಾಟ ನಡೆಸಲು ಪ್ರವಾಸಿಮಂದಿರದ ಆವರಣದಲ್ಲಿ ರಾಜ್ಯ ಉಪಾಧ್ಯಕ್ಷ ನಾರಾಯಣಗೌಡ ನೇತೃತ್ವದಲ್ಲಿ ನಡೆದ ರೈತಸಂಘದ ಸಭೆಯಲ್ಲಿ ನಿರ್ಣಯಿಸಲಾಯಿತು.
ಮುಳಬಾಗಿಲು ತಾಲೂಕು ತಾಯಲೂರು ಹೋಬಳಿ ಮಟ್ಟದ ಕ್ರೀಡಾಕೂಟದಲ್ಲಿ ಮಲ್ಲನಾಯಕನಹಳ್ಳಿ ಪ್ರೌಢಶಾಲೆ ವಿದ್ಯಾರ್ಥಿನಿಯರು ಓಟದಲ್ಲಿ ವಿಜೇತರಾಗಿ ತಾಲೂಕು ಮಟ್ಟಕ್ಕೆ ಆಯ್ಕೆಯಾದರು. ಅವರಿಗೆ ತಾಲೂಕು ದೈಹಿಕ ಶಿಕ್ಷಣ ಪರಿವೀಕ್ಷಕ ರಂಗ ಶರೀಫ್ ಬಹುಮಾನ ವಿತರಿಸಿದರು. ಮುಖ್ಯ ಶಿಕ್ಷಕ ಬಿ.ಎಂ.ಮುನಿರಾಮಯ್ಯ, ದೈಹಿಕ ಶಿಕ್ಷಣ ಶಿಕ್ಷಕ ನಾಗರಾಜು, ಮೊದಲಾದವರಿದ್ದರು.
